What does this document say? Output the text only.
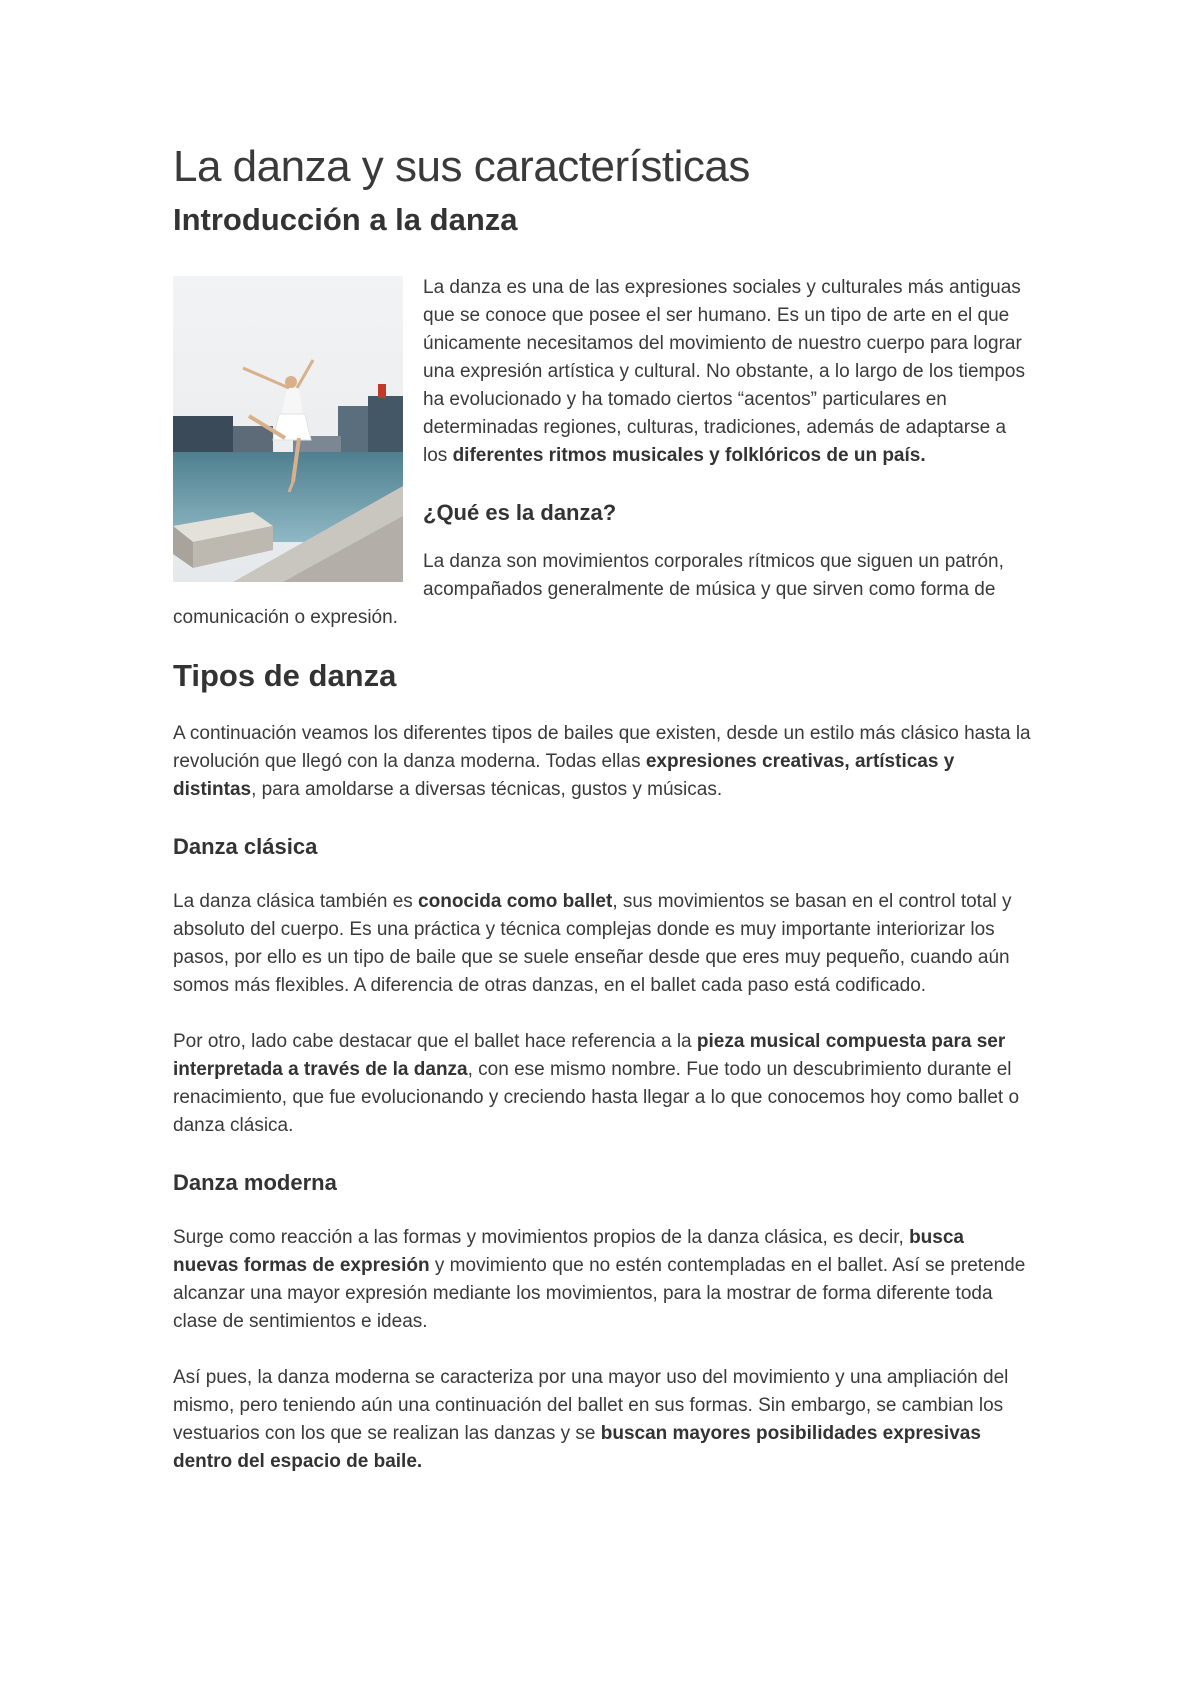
La danza y sus características
Introducción a la danza

La danza es una de las expresiones sociales y culturales más antiguas que se conoce que posee el ser humano. Es un tipo de arte en el que únicamente necesitamos del movimiento de nuestro cuerpo para lograr una expresión artística y cultural. No obstante, a lo largo de los tiempos ha evolucionado y ha tomado ciertos “acentos” particulares en determinadas regiones, culturas, tradiciones, además de adaptarse a los diferentes ritmos musicales y folklóricos de un país.

¿Qué es la danza?

La danza son movimientos corporales rítmicos que siguen un patrón, acompañados generalmente de música y que sirven como forma de comunicación o expresión.

Tipos de danza

A continuación veamos los diferentes tipos de bailes que existen, desde un estilo más clásico hasta la revolución que llegó con la danza moderna. Todas ellas expresiones creativas, artísticas y distintas, para amoldarse a diversas técnicas, gustos y músicas.

Danza clásica

La danza clásica también es conocida como ballet, sus movimientos se basan en el control total y absoluto del cuerpo. Es una práctica y técnica complejas donde es muy importante interiorizar los pasos, por ello es un tipo de baile que se suele enseñar desde que eres muy pequeño, cuando aún somos más flexibles. A diferencia de otras danzas, en el ballet cada paso está codificado.

Por otro, lado cabe destacar que el ballet hace referencia a la pieza musical compuesta para ser interpretada a través de la danza, con ese mismo nombre. Fue todo un descubrimiento durante el renacimiento, que fue evolucionando y creciendo hasta llegar a lo que conocemos hoy como ballet o danza clásica.

Danza moderna

Surge como reacción a las formas y movimientos propios de la danza clásica, es decir, busca nuevas formas de expresión y movimiento que no estén contempladas en el ballet. Así se pretende alcanzar una mayor expresión mediante los movimientos, para la mostrar de forma diferente toda clase de sentimientos e ideas.

Así pues, la danza moderna se caracteriza por una mayor uso del movimiento y una ampliación del mismo, pero teniendo aún una continuación del ballet en sus formas. Sin embargo, se cambian los vestuarios con los que se realizan las danzas y se buscan mayores posibilidades expresivas dentro del espacio de baile.
